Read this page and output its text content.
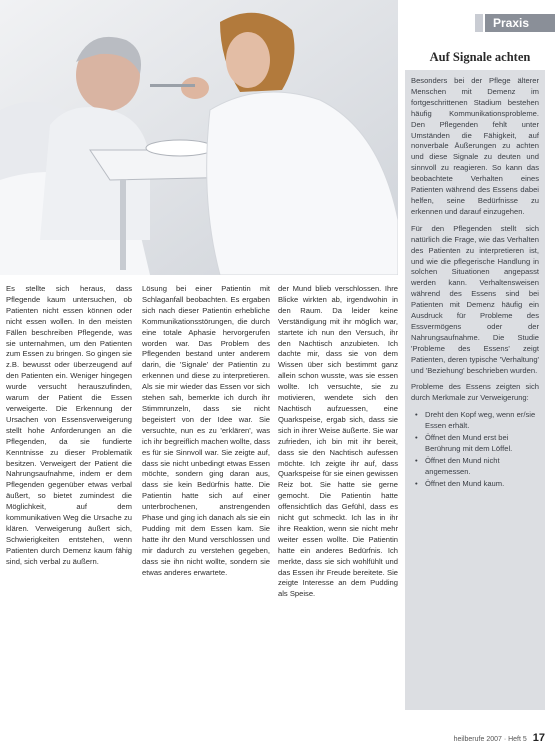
Praxis
Auf Signale achten

Besonders bei der Pflege älterer Menschen mit Demenz im fortgeschrittenen Stadium bestehen häufig Kommunikationsprobleme. Den Pflegenden fehlt unter Umständen die Fähigkeit, auf nonverbale Äußerungen zu achten und diese Signale zu deuten und sinnvoll zu reagieren. So kann das beobachtete Verhalten eines Patienten während des Essens dabei helfen, seine Bedürfnisse zu erkennen und darauf einzugehen.

Für den Pflegenden stellt sich natürlich die Frage, wie das Verhalten des Patienten zu interpretieren ist, und wie die pflegerische Handlung in solchen Situationen angepasst werden kann. Verhaltensweisen während des Essens sind bei Patienten mit Demenz häufig ein Ausdruck für Probleme des Essvermögens oder der Nahrungsaufnahme. Die Studie 'Probleme des Essens' zeigt Patienten, deren typische 'Verhaltung' und 'Beziehung' beschrieben wurden.

Probleme des Essens zeigten sich durch Merkmale zur Verweigerung:

• Dreht den Kopf weg, wenn er/sie Essen erhält.
• Öffnet den Mund erst bei Berührung mit dem Löffel.
• Öffnet den Mund nicht angemessen.
• Öffnet den Mund kaum.

Es stellte sich heraus, dass Pflegende kaum untersuchen, ob Patienten nicht essen können oder nicht essen wollen. In den meisten Fällen beschreiben Pflegende, was sie unternahmen, um den Patienten zum Essen zu bringen. So gingen sie z.B. bewusst oder überzeugend auf den Patienten ein. Weniger hingegen wurde versucht herauszufinden, warum der Patient die Essen verweigerte. Die Erkennung der Ursachen von Essensverweigerung stellt hohe Anforderungen an die Pflegenden, da sie fundierte Kenntnisse zu dieser Problematik besitzen. Verweigert der Patient die Nahrungsaufnahme, indem er dem Pflegenden gegenüber etwas verbal äußert, so bietet zumindest die Möglichkeit, auf dem kommunikativen Weg die Ursache zu klären. Verweigerung äußert sich, Schwierigkeiten entstehen, wenn Patienten durch Demenz kaum fähig sind, sich verbal zu äußern.

Lösung bei einer Patientin mit Schlaganfall beobachten. Es ergaben sich nach dieser Patientin erhebliche Kommunikationsstörungen, die durch eine totale Aphasie hervorgerufen worden war. Das Problem des Pflegenden bestand unter anderem darin, die 'Signale' der Patientin zu erkennen und diese zu interpretieren. Als sie mir wieder das Essen vor sich stehen sah, bemerkte ich durch ihr Stimmrunzeln, dass sie nicht begeistert von der Idee war. Sie versuchte, nun es zu 'erklären', was ich ihr begreiflich machen wollte, dass es für sie Sinnvoll war. Sie zeigte auf, dass sie nicht unbedingt etwas Essen möchte, sondern ging daran aus, dass sie kein Bedürfnis hatte. Die Patientin hatte sich auf einer unterbrochenen, anstrengenden Phase und ging ich danach als sie ein Pudding mit dem Essen kam. Sie hatte ihr den Mund verschlossen und mir dadurch zu verstehen gegeben, dass sie ihn nicht wollte, sondern sie etwas anderes erwartete.

der Mund blieb verschlossen. Ihre Blicke wirkten ab, irgendwohin in den Raum. Da leider keine Verständigung mit ihr möglich war, startete ich nun den Versuch, ihr den Nachtisch anzubieten. Ich dachte mir, dass sie von dem Wissen über sich bestimmt ganz allein schon wusste, was sie essen wollte. Ich versuchte, sie zu motivieren, wendete sich den Nachtisch aufzuessen, eine Quarkspeise, ergab sich, dass sie sich in ihrer Weise äußerte. Sie war zufrieden, ich bin mit ihr bereit, dass sie den Nachtisch aufessen möchte. Ich zeigte ihr auf, dass Quarkspeise für sie einen gewissen Reiz bot. Sie hatte sie gerne gemocht. Die Patientin hatte offensichtlich das Gefühl, dass es nicht gut schmeckt. Ich las in ihr ihre Reaktion, wenn sie nicht mehr weiter essen wollte. Die Patientin hatte ein anderes Bedürfnis. Ich merkte, dass sie sich wohlfühlt und das Essen ihr Freude bereitete. Sie zeigte Interesse an dem Pudding als Speise.

heilberufe 2007 · Heft 5 17
